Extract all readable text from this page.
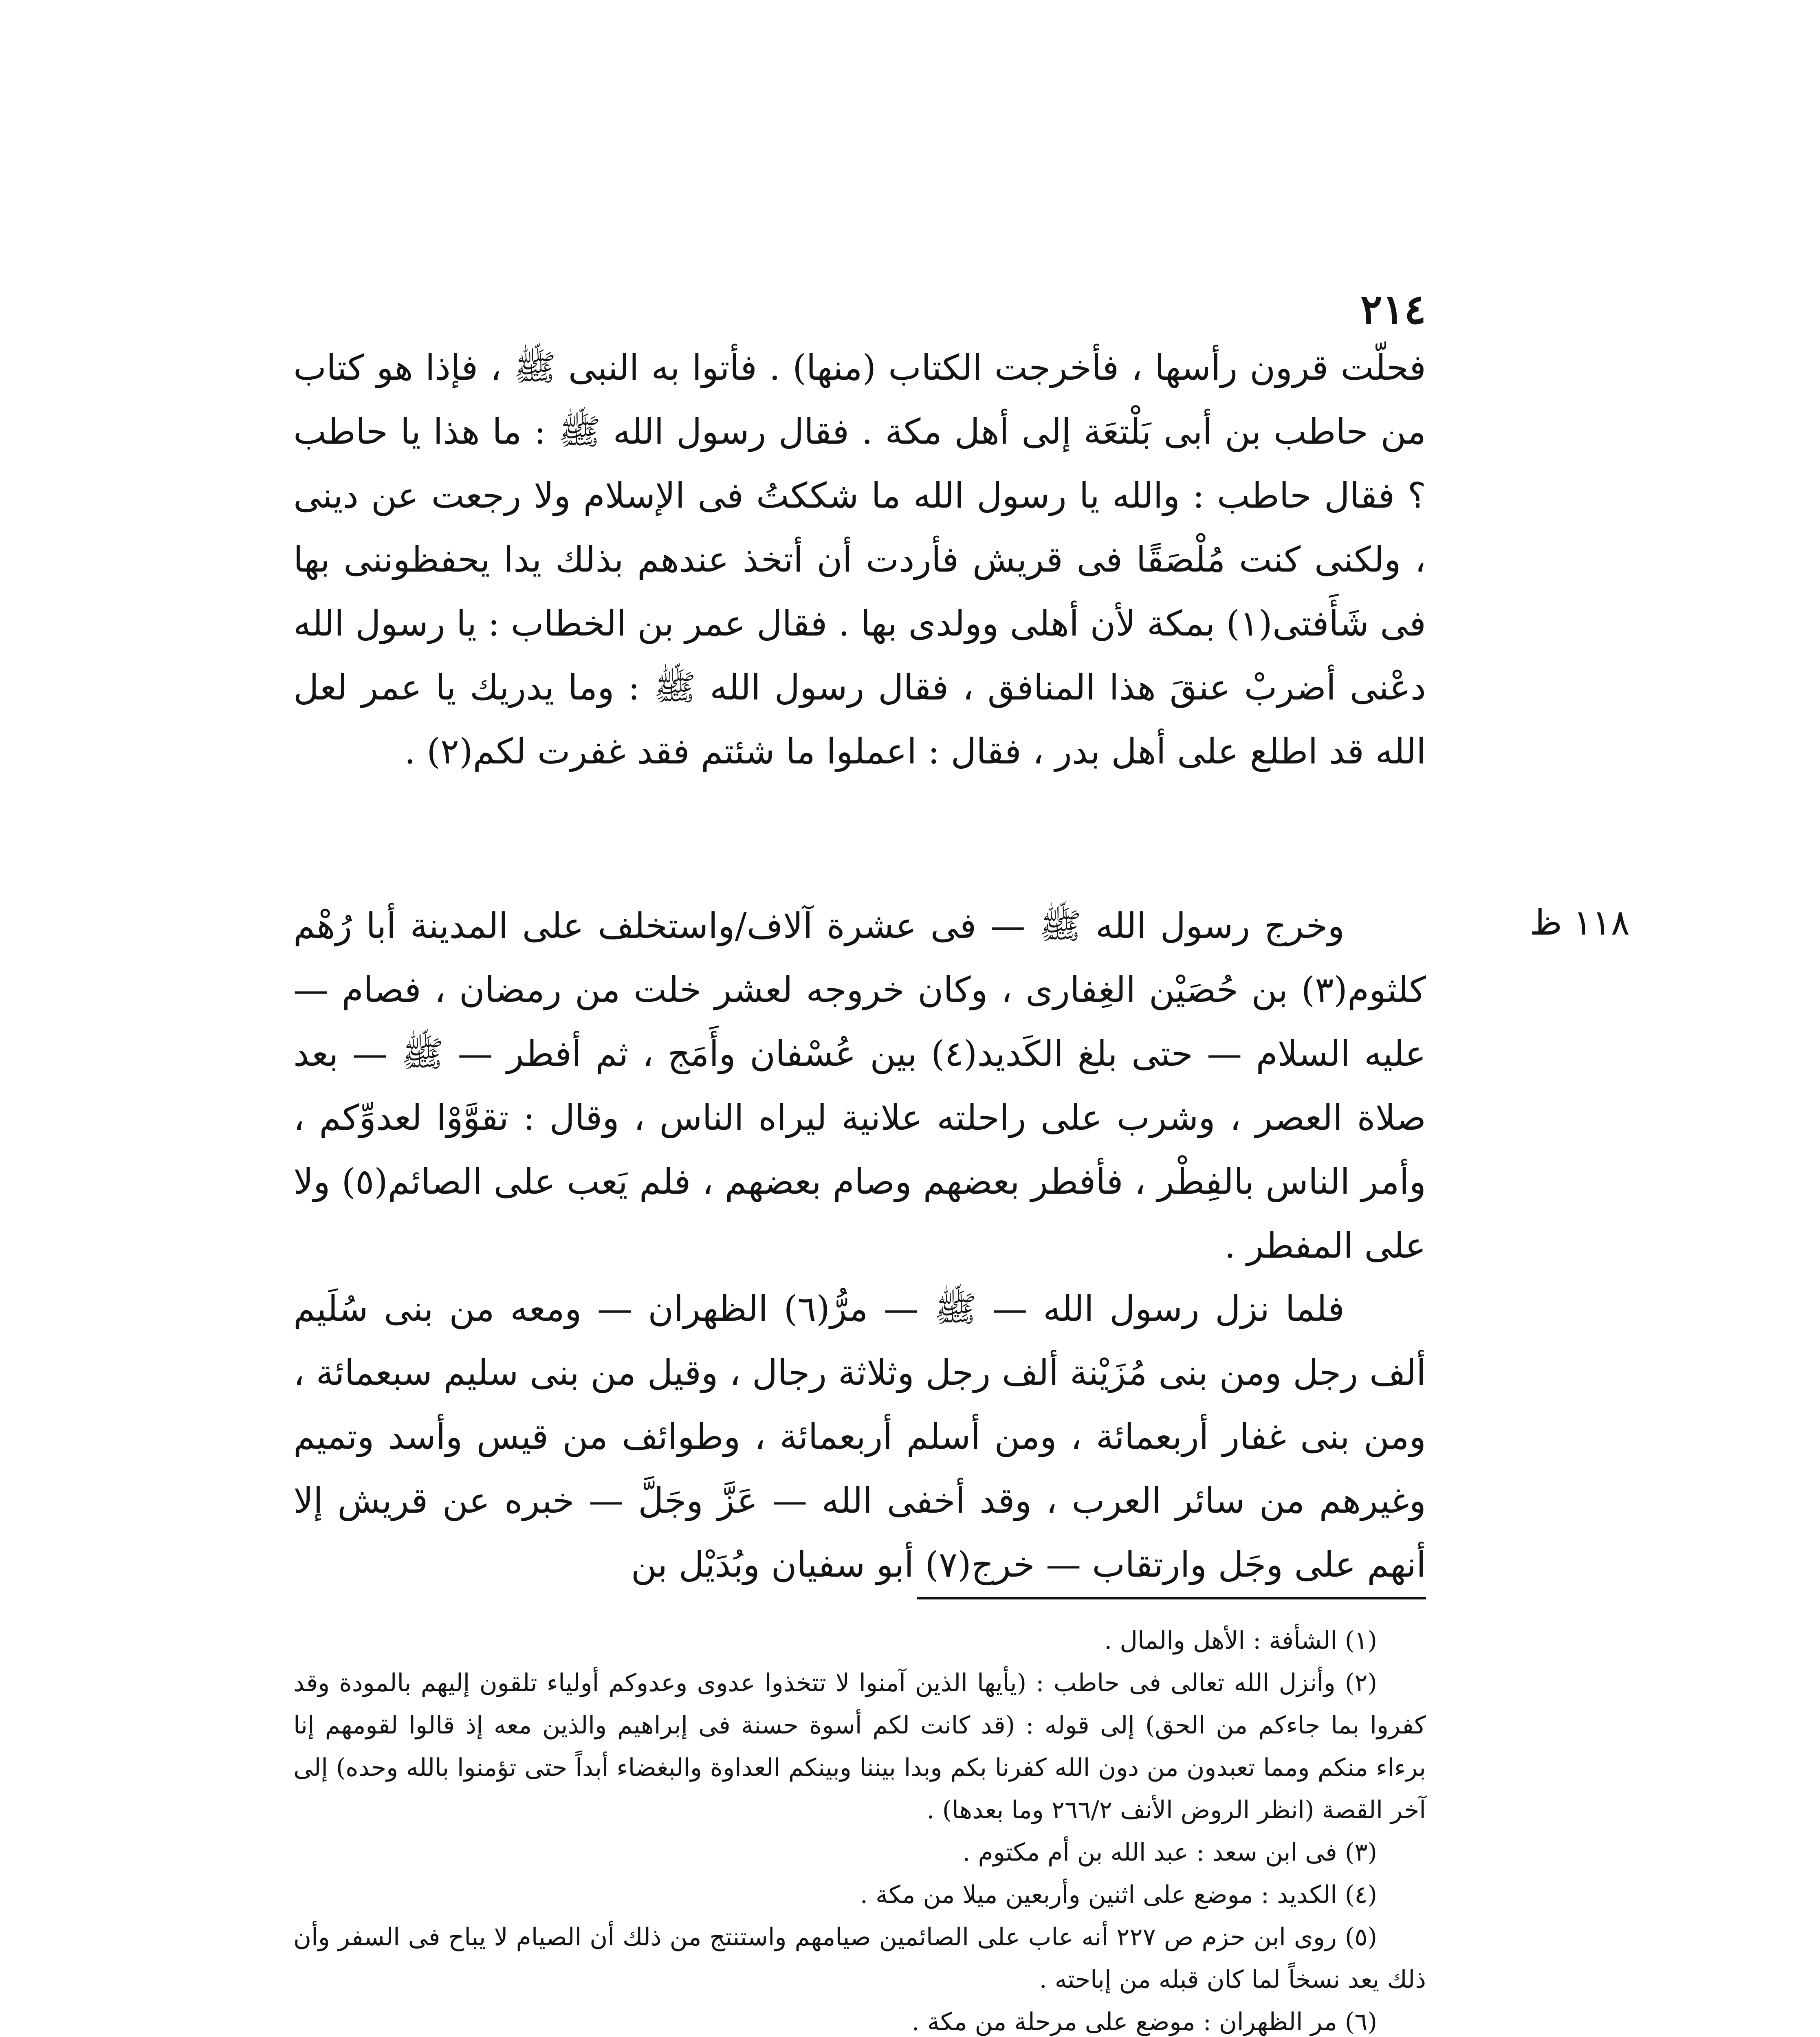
٢١٤
١١٨ ظ

فحلّت قرون رأسها ، فأخرجت الكتاب (منها) . فأتوا به النبى ﷺ ، فإذا هو كتاب من حاطب بن أبى بَلْتعَة إلى أهل مكة . فقال رسول الله ﷺ : ما هذا يا حاطب ؟ فقال حاطب : والله يا رسول الله ما شككتُ فى الإسلام ولا رجعت عن دينى ، ولكنى كنت مُلْصَقًا فى قريش فأردت أن أتخذ عندهم بذلك يدا يحفظوننى بها فى شَأَفتى(١) بمكة لأن أهلى وولدى بها . فقال عمر بن الخطاب : يا رسول الله دعْنى أضربْ عنقَ هذا المنافق ، فقال رسول الله ﷺ : وما يدريك يا عمر لعل الله قد اطلع على أهل بدر ، فقال : اعملوا ما شئتم فقد غفرت لكم(٢) .

وخرج رسول الله ﷺ — فى عشرة آلاف/واستخلف على المدينة أبا رُهْم كلثوم(٣) بن حُصَيْن الغِفارى ، وكان خروجه لعشر خلت من رمضان ، فصام — عليه السلام — حتى بلغ الكَديد(٤) بين عُسْفان وأَمَج ، ثم أفطر — ﷺ — بعد صلاة العصر ، وشرب على راحلته علانية ليراه الناس ، وقال : تقوَّوْا لعدوِّكم ، وأمر الناس بالفِطْر ، فأفطر بعضهم وصام بعضهم ، فلم يَعب على الصائم(٥) ولا على المفطر .

فلما نزل رسول الله — ﷺ — مرُّ(٦) الظهران — ومعه من بنى سُلَيم ألف رجل ومن بنى مُزَيْنة ألف رجل وثلاثة رجال ، وقيل من بنى سليم سبعمائة ، ومن بنى غفار أربعمائة ، ومن أسلم أربعمائة ، وطوائف من قيس وأسد وتميم وغيرهم من سائر العرب ، وقد أخفى الله — عَزَّ وجَلَّ — خبره عن قريش إلا أنهم على وجَل وارتقاب — خرج(٧) أبو سفيان وبُدَيْل بن

(١) الشأفة : الأهل والمال .

(٢) وأنزل الله تعالى فى حاطب : (يأيها الذين آمنوا لا تتخذوا عدوى وعدوكم أولياء تلقون إليهم بالمودة وقد كفروا بما جاءكم من الحق) إلى قوله : (قد كانت لكم أسوة حسنة فى إبراهيم والذين معه إذ قالوا لقومهم إنا برءاء منكم ومما تعبدون من دون الله كفرنا بكم وبدا بيننا وبينكم العداوة والبغضاء أبداً حتى تؤمنوا بالله وحده) إلى آخر القصة (انظر الروض الأنف ٢٦٦/٢ وما بعدها) .

(٣) فى ابن سعد : عبد الله بن أم مكتوم .

(٤) الكديد : موضع على اثنين وأربعين ميلا من مكة .

(٥) روى ابن حزم ص ٢٢٧ أنه عاب على الصائمين صيامهم واستنتج من ذلك أن الصيام لا يباح فى السفر وأن ذلك يعد نسخاً لما كان قبله من إباحته .

(٦) مر الظهران : موضع على مرحلة من مكة .
